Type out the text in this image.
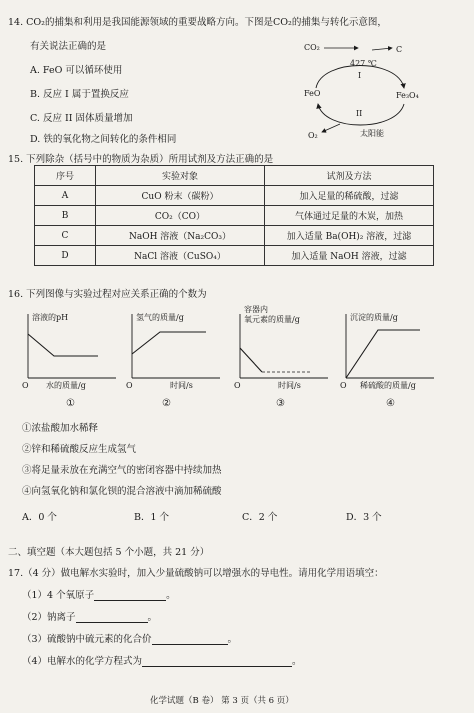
14. CO₂的捕集和利用是我国能源领域的重要战略方向。下图是CO₂的捕集与转化示意图，
有关说法正确的是
A. FeO 可以循环使用
B. 反应 I 属于置换反应
C. 反应 II 固体质量增加
D. 铁的氧化物之间转化的条件相同
CO₂	C
427 ℃
I
FeO	Fe₃O₄
II
O₂	太阳能
15. 下列除杂（括号中的物质为杂质）所用试剂及方法正确的是
序号	实验对象	试剂及方法
A	CuO 粉末（碳粉）	加入足量的稀硫酸，过滤
B	CO₂（CO）	气体通过足量的木炭，加热
C	NaOH 溶液（Na₂CO₃）	加入适量 Ba(OH)₂ 溶液，过滤
D	NaCl 溶液（CuSO₄）	加入适量 NaOH 溶液，过滤
16. 下列图像与实验过程对应关系正确的个数为
溶液的pH
O 水的质量/g
氢气的质量/g
O	时间/s
容器内
氧元素的质量/g
O	时间/s
沉淀的质量/g
O 稀硫酸的质量/g
①	②	③	④
①浓盐酸加水稀释
②锌和稀硫酸反应生成氢气
③将足量汞放在充满空气的密闭容器中持续加热
④向氢氧化钠和氯化钡的混合溶液中滴加稀硫酸
A．0 个	B．1 个	C．2 个	D．3 个
二、填空题（本大题包括 5 个小题，共 21 分）
17.（4 分）做电解水实验时，加入少量硫酸钠可以增强水的导电性。请用化学用语填空：
（1）4 个氧原子	。
（2）钠离子	。
（3）硫酸钠中硫元素的化合价	。
（4）电解水的化学方程式为	。
化学试题（B 卷） 第 3 页（共 6 页）
